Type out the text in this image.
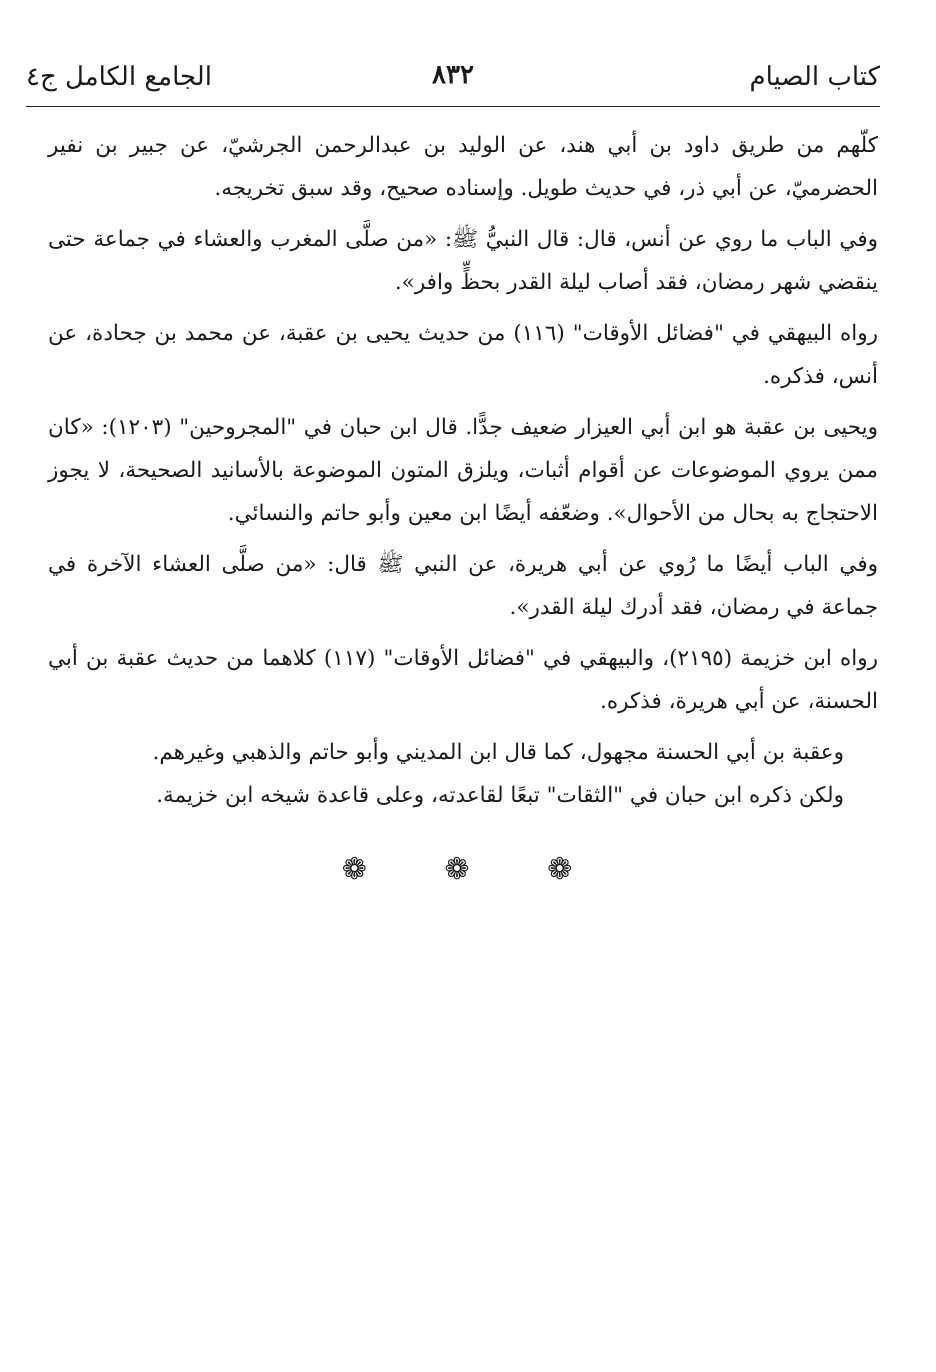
كتاب الصيام
٨٣٢
الجامع الكامل ج٤

كلّهم من طريق داود بن أبي هند، عن الوليد بن عبدالرحمن الجرشيّ، عن جبير بن نفير الحضرميّ، عن أبي ذر، في حديث طويل. وإسناده صحيح، وقد سبق تخريجه.

وفي الباب ما روي عن أنس، قال: قال النبيُّ ﷺ: «من صلَّى المغرب والعشاء في جماعة حتى ينقضي شهر رمضان، فقد أصاب ليلة القدر بحظٍّ وافر».

رواه البيهقي في "فضائل الأوقات" (١١٦) من حديث يحيى بن عقبة، عن محمد بن جحادة، عن أنس، فذكره.

ويحيى بن عقبة هو ابن أبي العيزار ضعيف جدًّا. قال ابن حبان في "المجروحين" (١٢٠٣): «كان ممن يروي الموضوعات عن أقوام أثبات، ويلزق المتون الموضوعة بالأسانيد الصحيحة، لا يجوز الاحتجاج به بحال من الأحوال». وضعّفه أيضًا ابن معين وأبو حاتم والنسائي.

وفي الباب أيضًا ما رُوي عن أبي هريرة، عن النبي ﷺ قال: «من صلَّى العشاء الآخرة في جماعة في رمضان، فقد أدرك ليلة القدر».

رواه ابن خزيمة (٢١٩٥)، والبيهقي في "فضائل الأوقات" (١١٧) كلاهما من حديث عقبة بن أبي الحسنة، عن أبي هريرة، فذكره.

وعقبة بن أبي الحسنة مجهول، كما قال ابن المديني وأبو حاتم والذهبي وغيرهم.

ولكن ذكره ابن حبان في "الثقات" تبعًا لقاعدته، وعلى قاعدة شيخه ابن خزيمة.

❁ ❁ ❁
